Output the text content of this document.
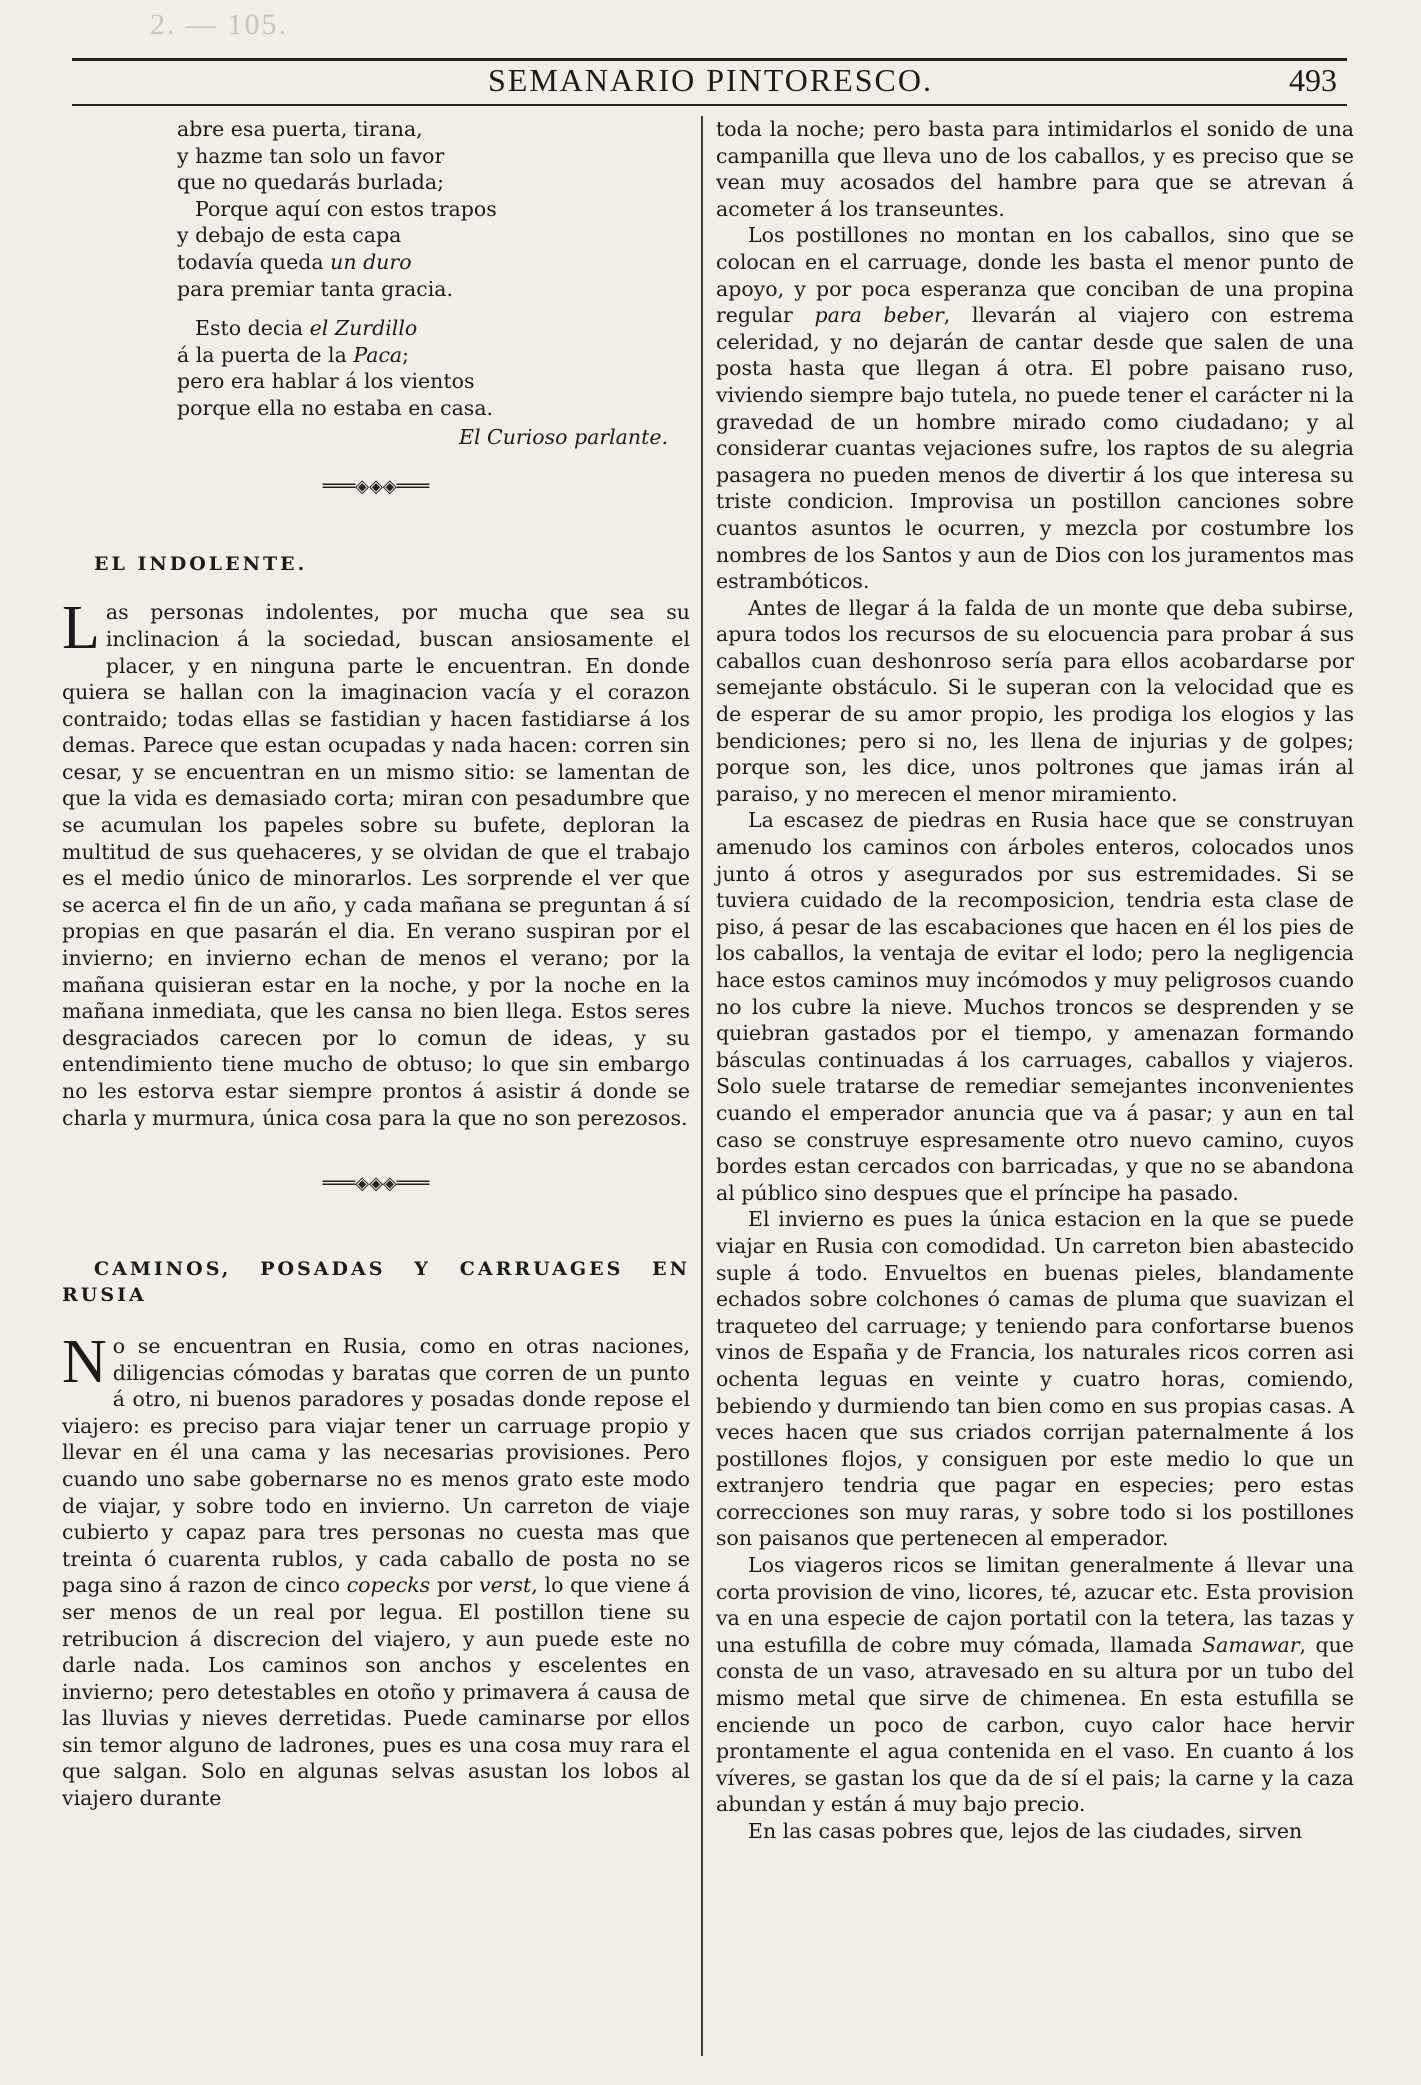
2. — 105.
SEMANARIO PINTORESCO.	493
abre esa puerta, tirana,
y hazme tan solo un favor
que no quedarás burlada;
Porque aquí con estos trapos
y debajo de esta capa
todavía queda un duro
para premiar tanta gracia.
Esto decia el Zurdillo
á la puerta de la Paca;
pero era hablar á los vientos
porque ella no estaba en casa.
El Curioso parlante.
═══◈◈◈═══

EL INDOLENTE.

Las personas indolentes, por mucha que sea su inclinacion á la sociedad, buscan ansiosamente el placer, y en ninguna parte le encuentran. En donde quiera se hallan con la imaginacion vacía y el corazon contraido; todas ellas se fastidian y hacen fastidiarse á los demas. Parece que estan ocupadas y nada hacen: corren sin cesar, y se encuentran en un mismo sitio: se lamentan de que la vida es demasiado corta; miran con pesadumbre que se acumulan los papeles sobre su bufete, deploran la multitud de sus quehaceres, y se olvidan de que el trabajo es el medio único de minorarlos. Les sorprende el ver que se acerca el fin de un año, y cada mañana se preguntan á sí propias en que pasarán el dia. En verano suspiran por el invierno; en invierno echan de menos el verano; por la mañana quisieran estar en la noche, y por la noche en la mañana inmediata, que les cansa no bien llega. Estos seres desgraciados carecen por lo comun de ideas, y su entendimiento tiene mucho de obtuso; lo que sin embargo no les estorva estar siempre prontos á asistir á donde se charla y murmura, única cosa para la que no son perezosos.

═══◈◈◈═══

CAMINOS, POSADAS Y CARRUAGES EN RUSIA

No se encuentran en Rusia, como en otras naciones, diligencias cómodas y baratas que corren de un punto á otro, ni buenos paradores y posadas donde repose el viajero: es preciso para viajar tener un carruage propio y llevar en él una cama y las necesarias provisiones. Pero cuando uno sabe gobernarse no es menos grato este modo de viajar, y sobre todo en invierno. Un carreton de viaje cubierto y capaz para tres personas no cuesta mas que treinta ó cuarenta rublos, y cada caballo de posta no se paga sino á razon de cinco copecks por verst, lo que viene á ser menos de un real por legua. El postillon tiene su retribucion á discrecion del viajero, y aun puede este no darle nada. Los caminos son anchos y escelentes en invierno; pero detestables en otoño y primavera á causa de las lluvias y nieves derretidas. Puede caminarse por ellos sin temor alguno de ladrones, pues es una cosa muy rara el que salgan. Solo en algunas selvas asustan los lobos al viajero durante

toda la noche; pero basta para intimidarlos el sonido de una campanilla que lleva uno de los caballos, y es preciso que se vean muy acosados del hambre para que se atrevan á acometer á los transeuntes.

Los postillones no montan en los caballos, sino que se colocan en el carruage, donde les basta el menor punto de apoyo, y por poca esperanza que conciban de una propina regular para beber, llevarán al viajero con estrema celeridad, y no dejarán de cantar desde que salen de una posta hasta que llegan á otra. El pobre paisano ruso, viviendo siempre bajo tutela, no puede tener el carácter ni la gravedad de un hombre mirado como ciudadano; y al considerar cuantas vejaciones sufre, los raptos de su alegria pasagera no pueden menos de divertir á los que interesa su triste condicion. Improvisa un postillon canciones sobre cuantos asuntos le ocurren, y mezcla por costumbre los nombres de los Santos y aun de Dios con los juramentos mas estrambóticos.

Antes de llegar á la falda de un monte que deba subirse, apura todos los recursos de su elocuencia para probar á sus caballos cuan deshonroso sería para ellos acobardarse por semejante obstáculo. Si le superan con la velocidad que es de esperar de su amor propio, les prodiga los elogios y las bendiciones; pero si no, les llena de injurias y de golpes; porque son, les dice, unos poltrones que jamas irán al paraiso, y no merecen el menor miramiento.

La escasez de piedras en Rusia hace que se construyan amenudo los caminos con árboles enteros, colocados unos junto á otros y asegurados por sus estremidades. Si se tuviera cuidado de la recomposicion, tendria esta clase de piso, á pesar de las escabaciones que hacen en él los pies de los caballos, la ventaja de evitar el lodo; pero la negligencia hace estos caminos muy incómodos y muy peligrosos cuando no los cubre la nieve. Muchos troncos se desprenden y se quiebran gastados por el tiempo, y amenazan formando básculas continuadas á los carruages, caballos y viajeros. Solo suele tratarse de remediar semejantes inconvenientes cuando el emperador anuncia que va á pasar; y aun en tal caso se construye espresamente otro nuevo camino, cuyos bordes estan cercados con barricadas, y que no se abandona al público sino despues que el príncipe ha pasado.

El invierno es pues la única estacion en la que se puede viajar en Rusia con comodidad. Un carreton bien abastecido suple á todo. Envueltos en buenas pieles, blandamente echados sobre colchones ó camas de pluma que suavizan el traqueteo del carruage; y teniendo para confortarse buenos vinos de España y de Francia, los naturales ricos corren asi ochenta leguas en veinte y cuatro horas, comiendo, bebiendo y durmiendo tan bien como en sus propias casas. A veces hacen que sus criados corrijan paternalmente á los postillones flojos, y consiguen por este medio lo que un extranjero tendria que pagar en especies; pero estas correcciones son muy raras, y sobre todo si los postillones son paisanos que pertenecen al emperador.

Los viageros ricos se limitan generalmente á llevar una corta provision de vino, licores, té, azucar etc. Esta provision va en una especie de cajon portatil con la tetera, las tazas y una estufilla de cobre muy cómada, llamada Samawar, que consta de un vaso, atravesado en su altura por un tubo del mismo metal que sirve de chimenea. En esta estufilla se enciende un poco de carbon, cuyo calor hace hervir prontamente el agua contenida en el vaso. En cuanto á los víveres, se gastan los que da de sí el pais; la carne y la caza abundan y están á muy bajo precio.

En las casas pobres que, lejos de las ciudades, sirven
